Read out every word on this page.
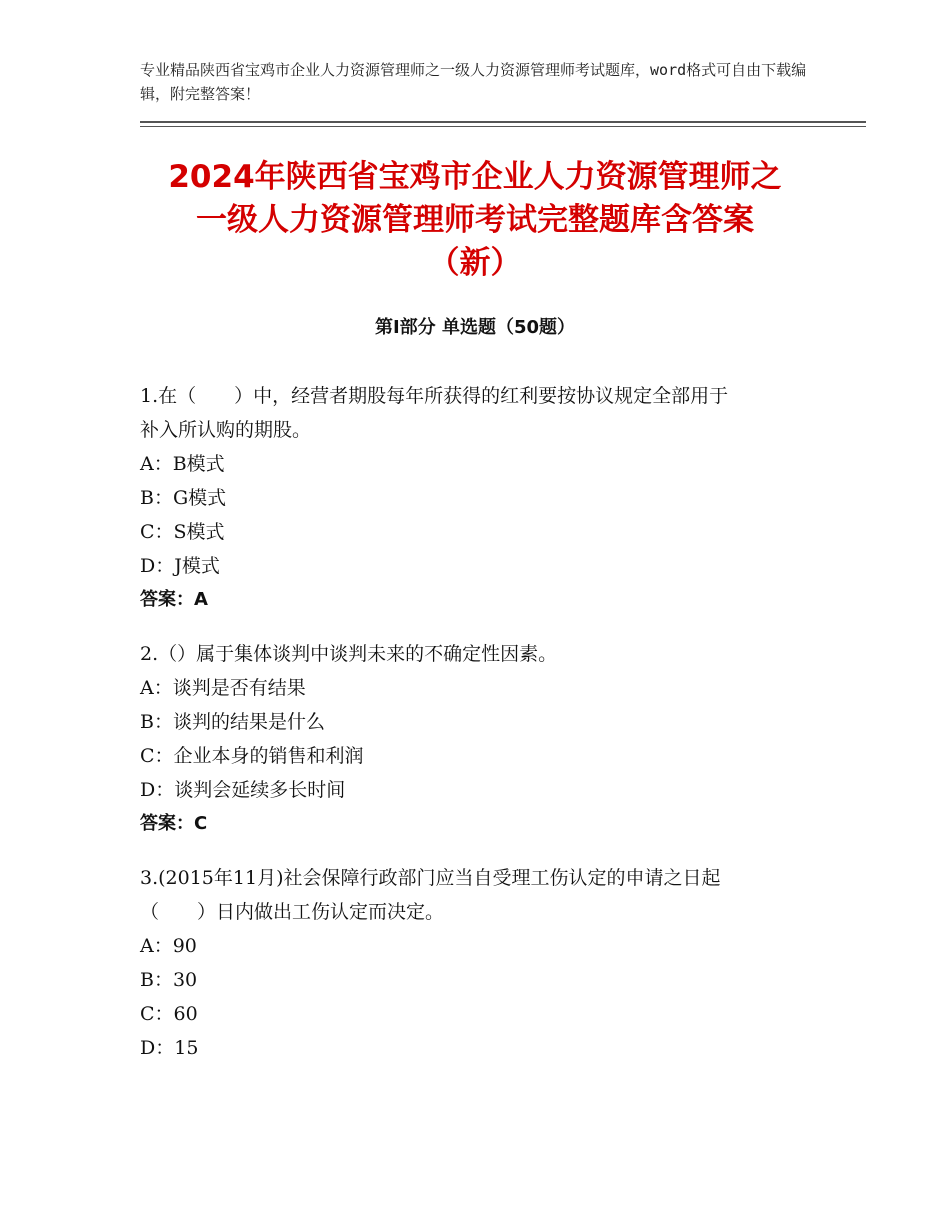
专业精品陕西省宝鸡市企业人力资源管理师之一级人力资源管理师考试题库，word格式可自由下载编辑，附完整答案！
2024年陕西省宝鸡市企业人力资源管理师之
一级人力资源管理师考试完整题库含答案
（新）
第Ⅰ部分 单选题（50题）
1.在（　　）中，经营者期股每年所获得的红利要按协议规定全部用于
补入所认购的期股。
A：B模式
B：G模式
C：S模式
D：J模式
答案：A
2.（）属于集体谈判中谈判未来的不确定性因素。
A：谈判是否有结果
B：谈判的结果是什么
C：企业本身的销售和利润
D：谈判会延续多长时间
答案：C
3.(2015年11月)社会保障行政部门应当自受理工伤认定的申请之日起
（　　）日内做出工伤认定而决定。
A：90
B：30
C：60
D：15
